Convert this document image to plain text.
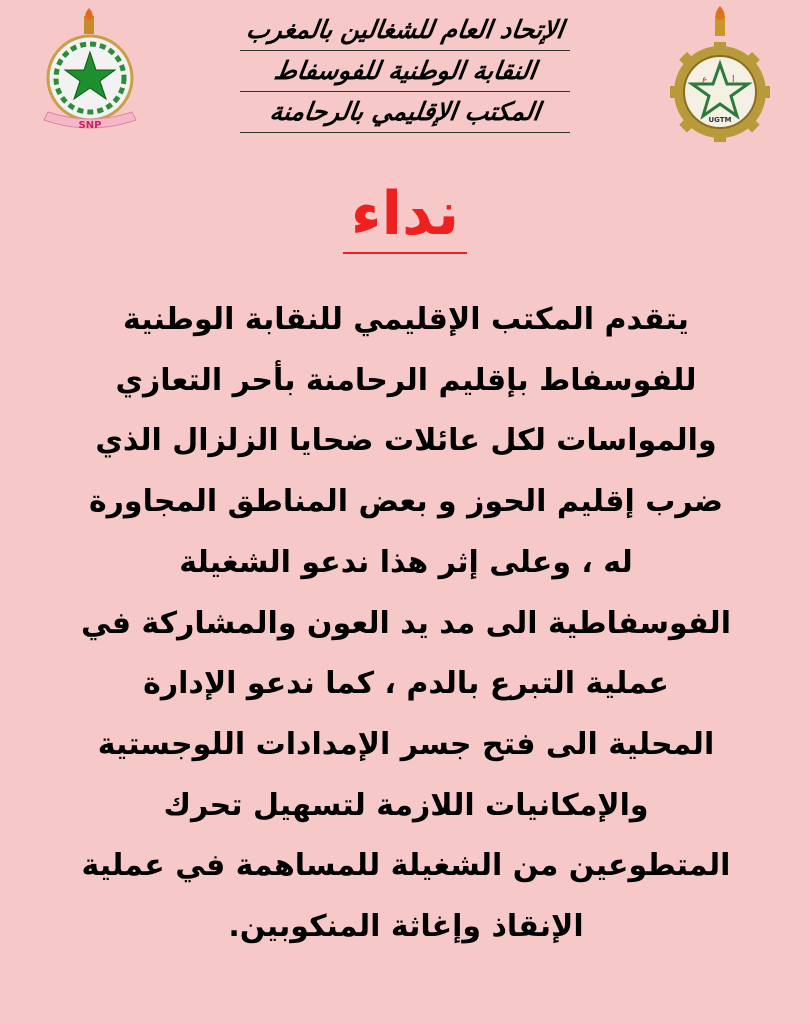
SNP
ع	ا
UGTM
الإتحاد العام للشغالين بالمغرب
النقابة الوطنية للفوسفاط
المكتب الإقليمي بالرحامنة
نداء
يتقدم المكتب الإقليمي للنقابة الوطنية
للفوسفاط بإقليم الرحامنة بأحر التعازي
والمواسات لكل عائلات ضحايا الزلزال الذي
ضرب إقليم الحوز و بعض المناطق المجاورة
له ، وعلى إثر هذا ندعو الشغيلة
الفوسفاطية الى مد يد العون والمشاركة في
عملية التبرع بالدم ، كما ندعو الإدارة
المحلية الى فتح جسر الإمدادات اللوجستية
والإمكانيات اللازمة لتسهيل تحرك
المتطوعين من الشغيلة للمساهمة في عملية
الإنقاذ وإغاثة المنكوبين.
